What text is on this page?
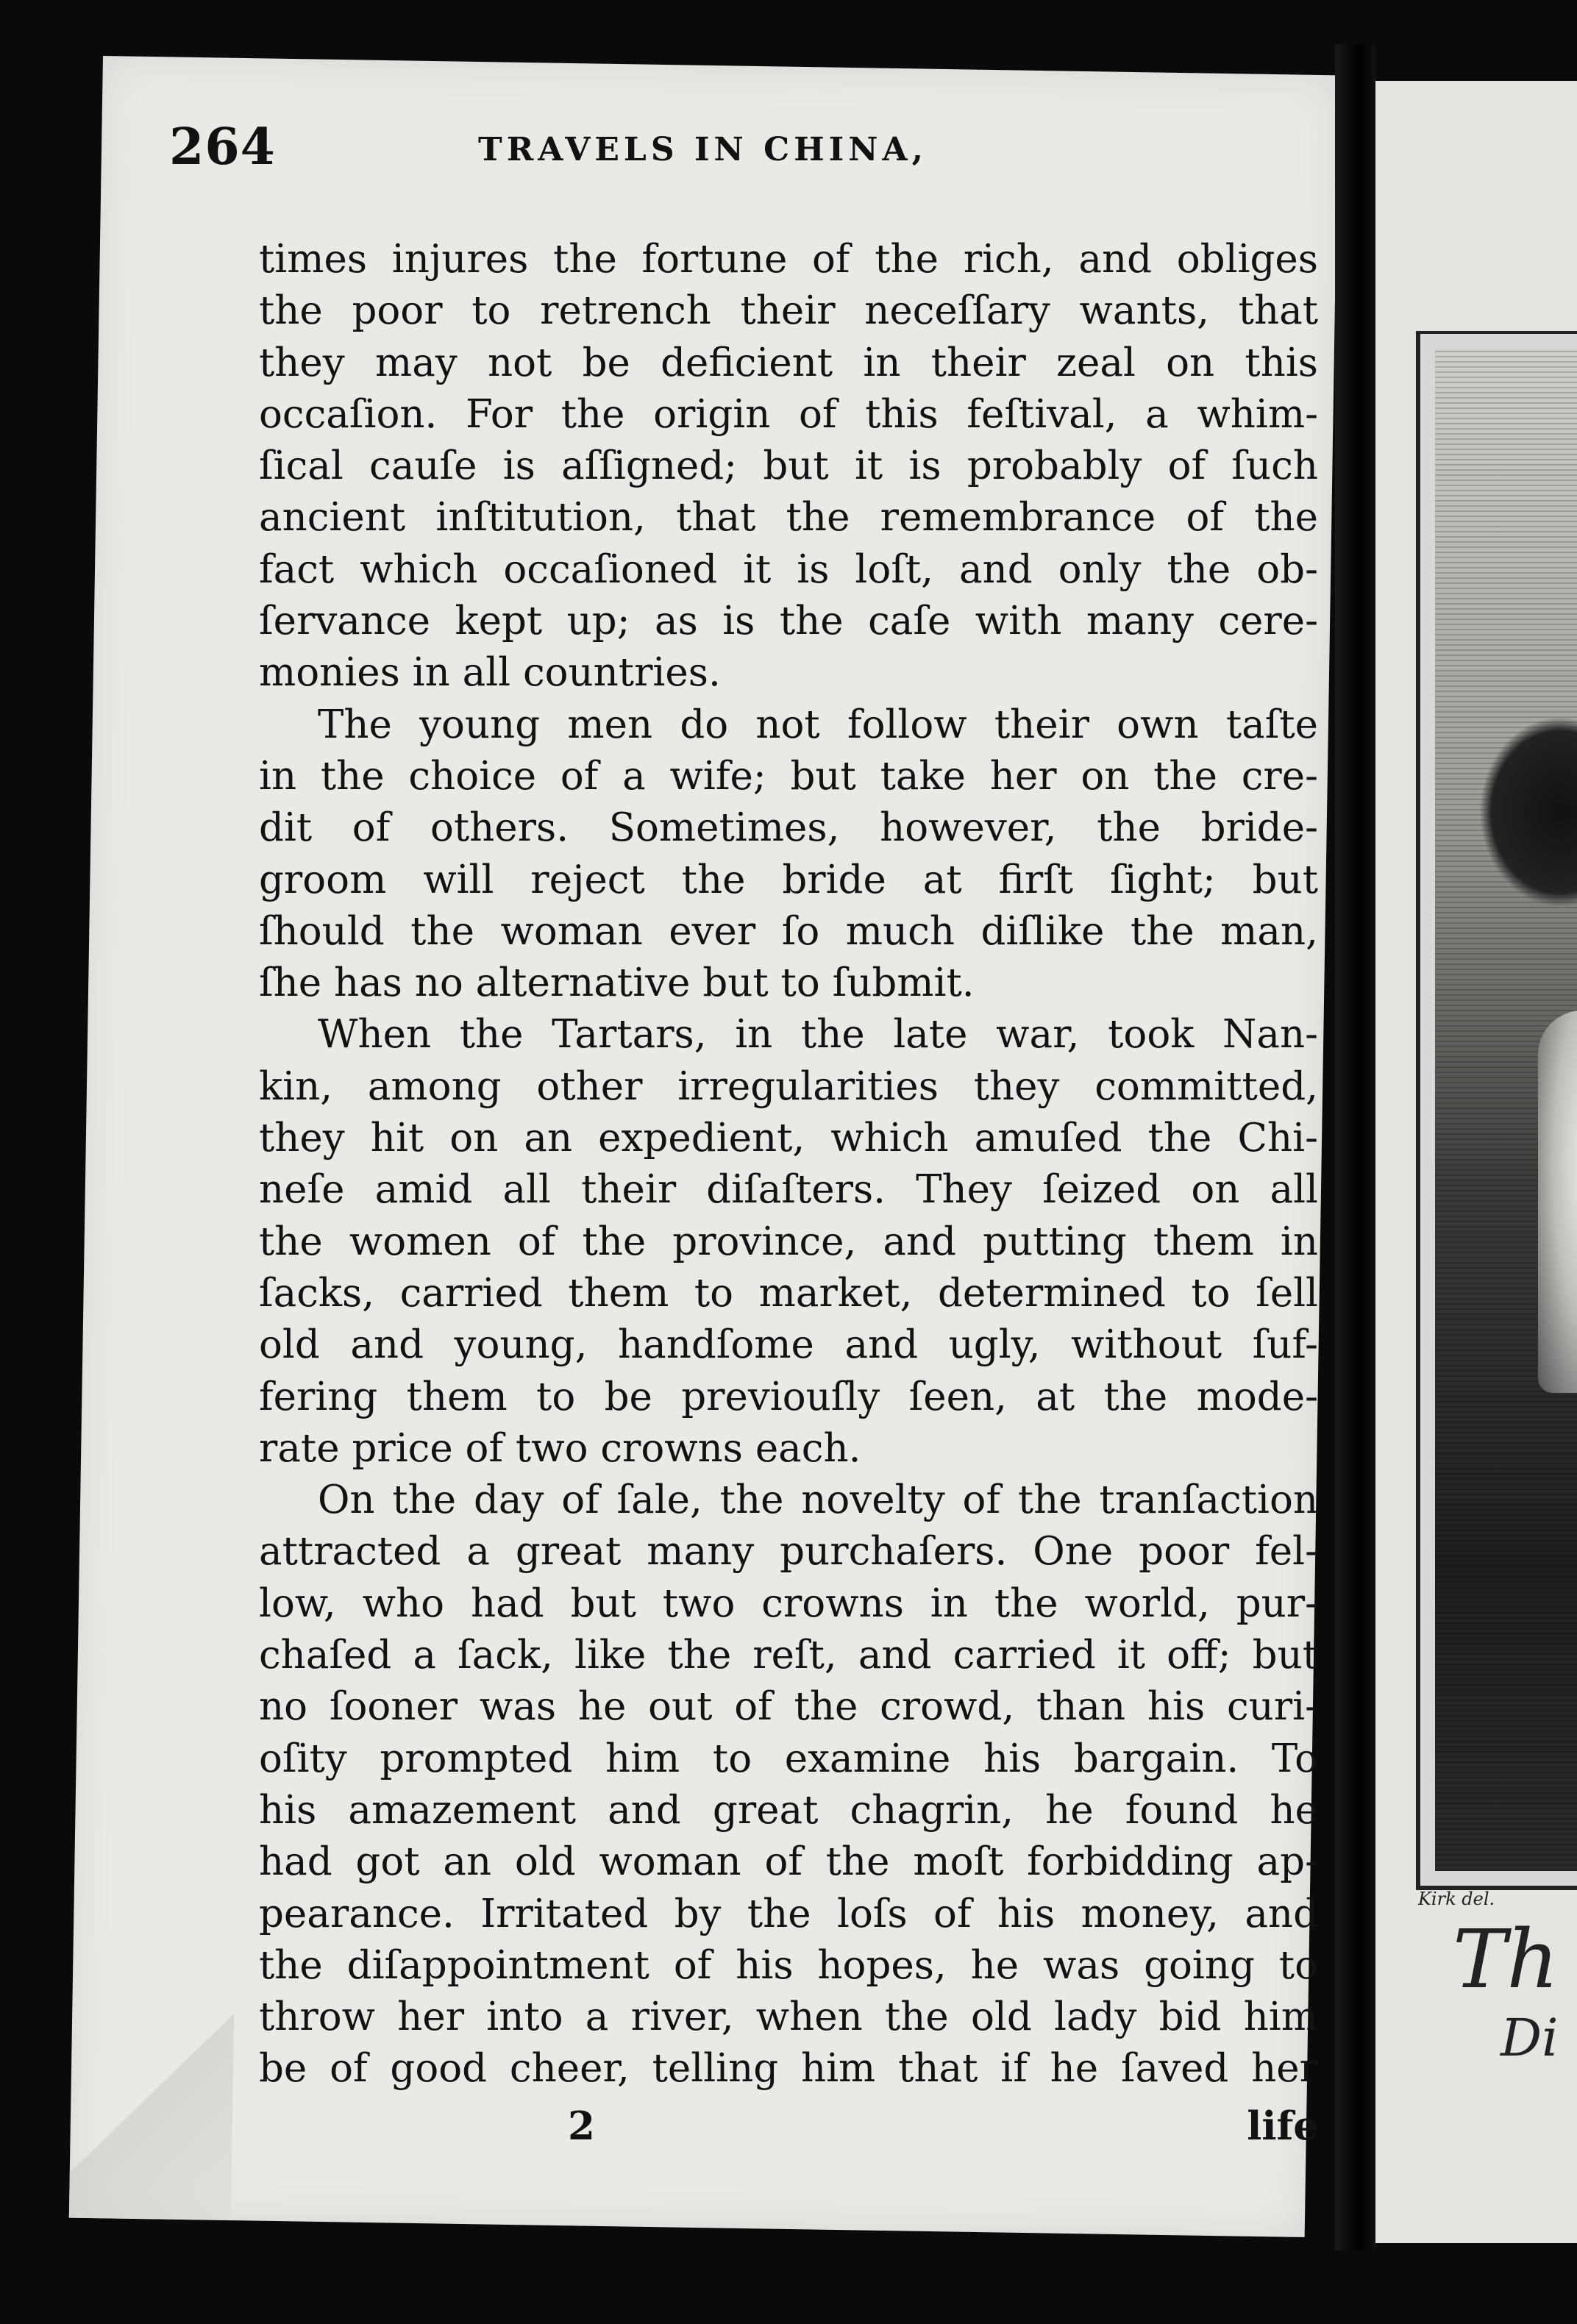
264	TRAVELS IN CHINA,
times injures the fortune of the rich, and obliges
the poor to retrench their neceſſary wants, that
they may not be deficient in their zeal on this
occaſion. For the origin of this feſtival, a whim-
ſical cauſe is aſſigned; but it is probably of ſuch
ancient inſtitution, that the remembrance of the
fact which occaſioned it is loſt, and only the ob-
ſervance kept up; as is the caſe with many cere-
monies in all countries.
The young men do not follow their own taſte
in the choice of a wife; but take her on the cre-
dit of others. Sometimes, however, the bride-
groom will reject the bride at firſt ſight; but
ſhould the woman ever ſo much diſlike the man,
ſhe has no alternative but to ſubmit.
When the Tartars, in the late war, took Nan-
kin, among other irregularities they committed,
they hit on an expedient, which amuſed the Chi-
neſe amid all their diſaſters. They ſeized on all
the women of the province, and putting them in
ſacks, carried them to market, determined to ſell
old and young, handſome and ugly, without ſuf-
fering them to be previouſly ſeen, at the mode-
rate price of two crowns each.
On the day of ſale, the novelty of the tranſaction
attracted a great many purchaſers. One poor fel-
low, who had but two crowns in the world, pur-
chaſed a ſack, like the reſt, and carried it off; but
no ſooner was he out of the crowd, than his curi-
oſity prompted him to examine his bargain. To
his amazement and great chagrin, he found he
had got an old woman of the moſt forbidding ap-
pearance. Irritated by the loſs of his money, and
the diſappointment of his hopes, he was going to
throw her into a river, when the old lady bid him
be of good cheer, telling him that if he ſaved her
2	life
Kirk del.
Th
Di
